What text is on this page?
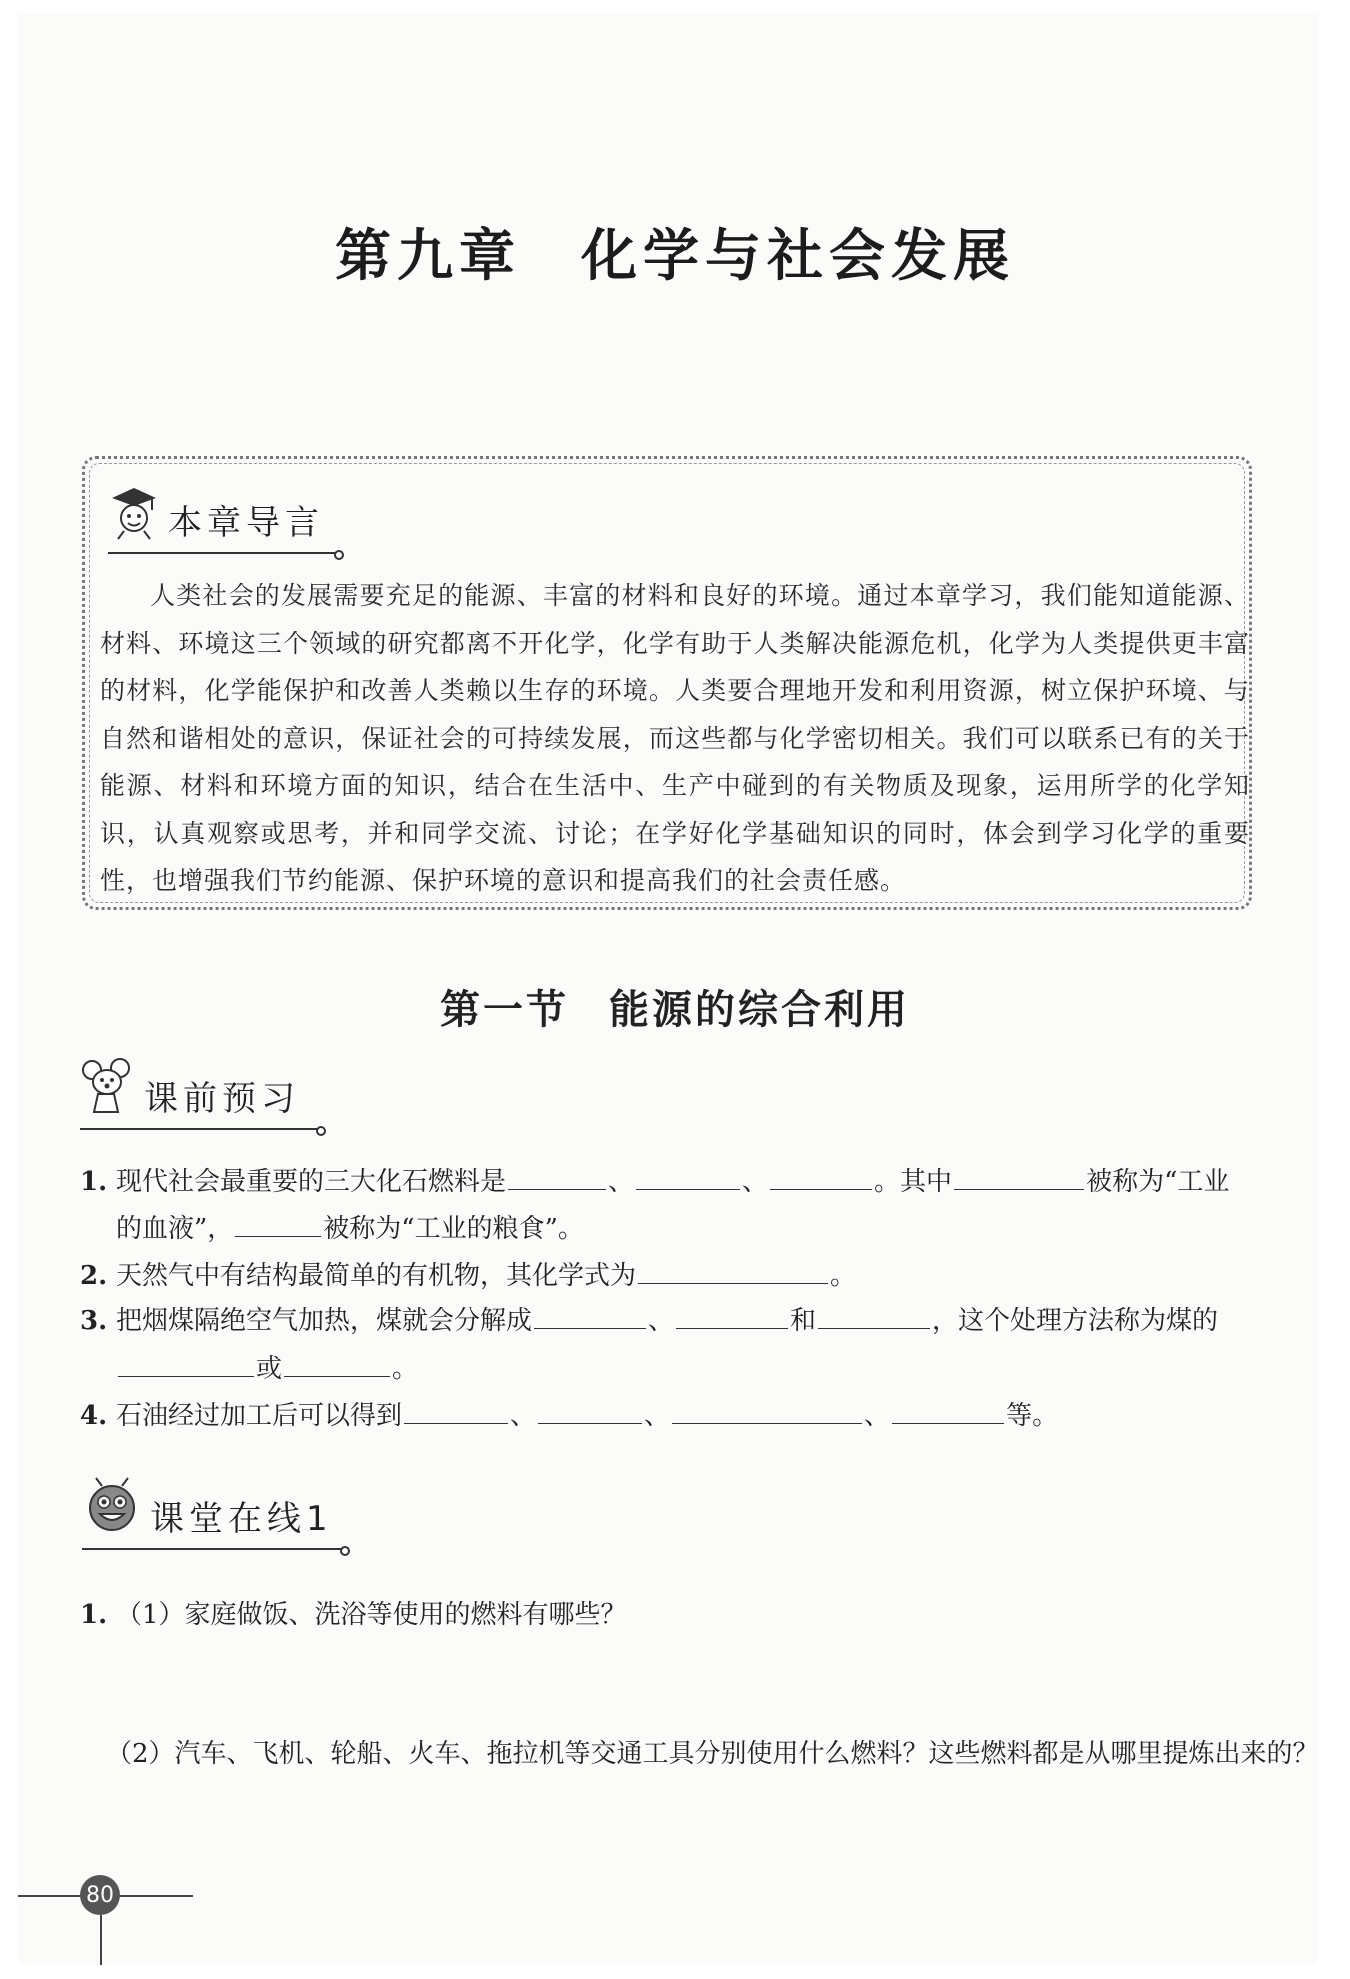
第九章 化学与社会发展
本章导言
人类社会的发展需要充足的能源、丰富的材料和良好的环境。通过本章学习，我们能知道能源、材料、环境这三个领域的研究都离不开化学，化学有助于人类解决能源危机，化学为人类提供更丰富的材料，化学能保护和改善人类赖以生存的环境。人类要合理地开发和利用资源，树立保护环境、与自然和谐相处的意识，保证社会的可持续发展，而这些都与化学密切相关。我们可以联系已有的关于能源、材料和环境方面的知识，结合在生活中、生产中碰到的有关物质及现象，运用所学的化学知识，认真观察或思考，并和同学交流、讨论；在学好化学基础知识的同时，体会到学习化学的重要性，也增强我们节约能源、保护环境的意识和提高我们的社会责任感。
第一节 能源的综合利用
课前预习
1. 现代社会最重要的三大化石燃料是	、	、	。其中	被称为“工业
的血液”，	被称为“工业的粮食”。
2. 天然气中有结构最简单的有机物，其化学式为	。
3. 把烟煤隔绝空气加热，煤就会分解成	、	和	，这个处理方法称为煤的
或	。
4. 石油经过加工后可以得到	、	、	、	等。
课堂在线1
1. （1）家庭做饭、洗浴等使用的燃料有哪些？
（2）汽车、飞机、轮船、火车、拖拉机等交通工具分别使用什么燃料？这些燃料都是从哪里提炼出来的？
80
